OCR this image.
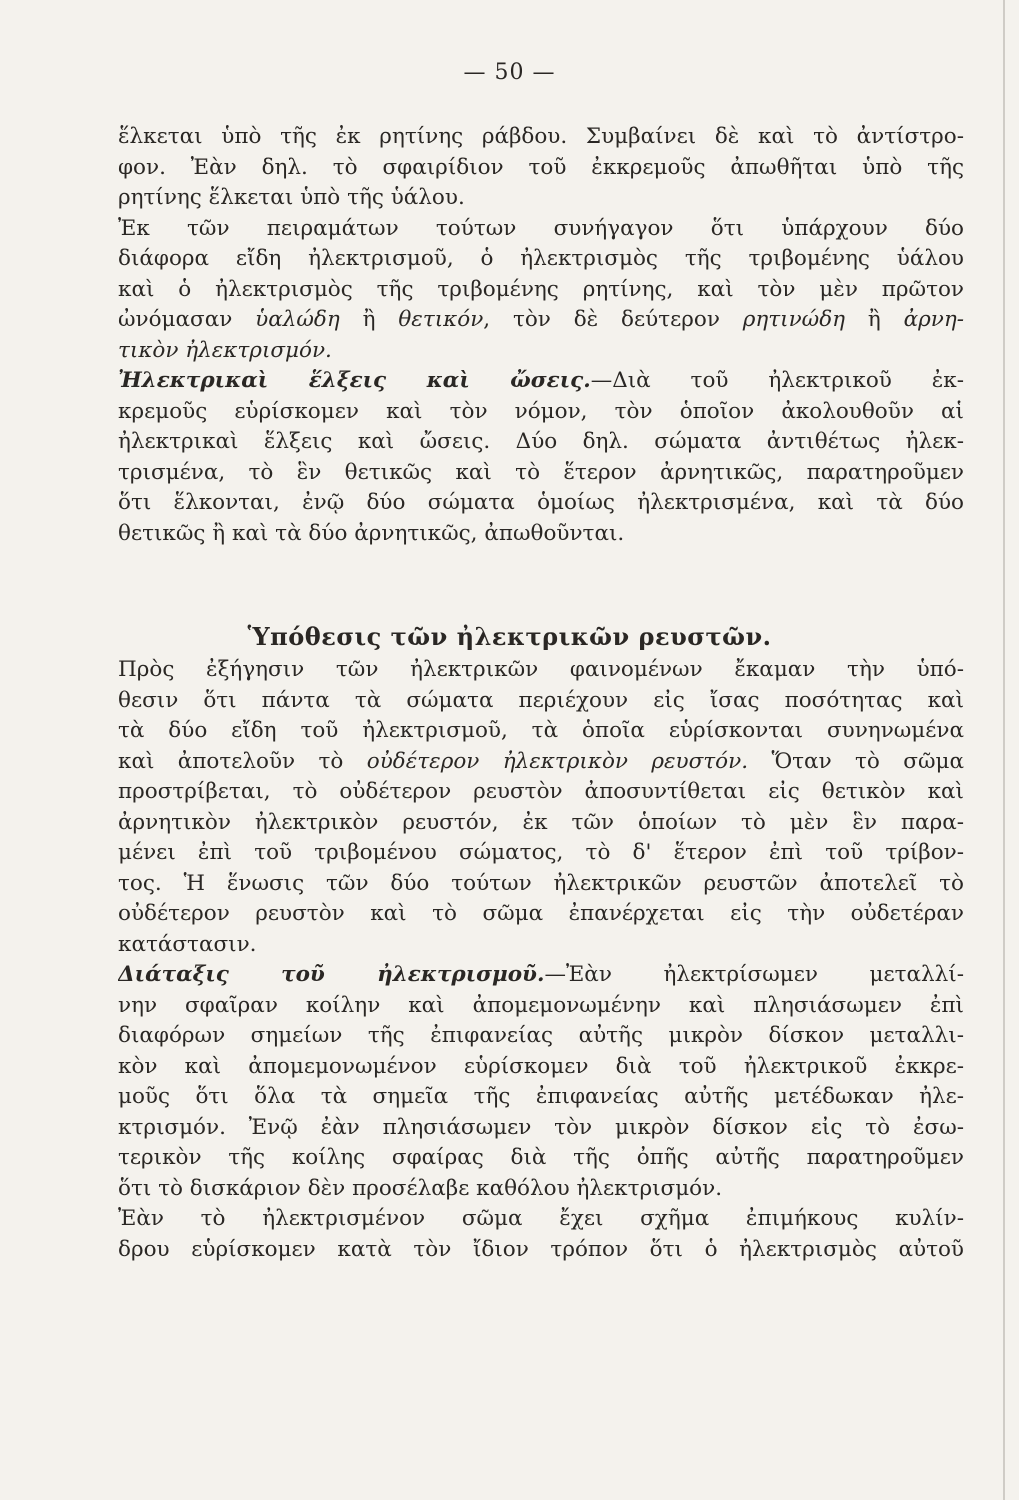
— 50 —
ἕλκεται ὑπὸ τῆς ἐκ ρητίνης ράβδου. Συμβαίνει δὲ καὶ τὸ ἀντίστρο-
φον. Ἐὰν δηλ. τὸ σφαιρίδιον τοῦ ἐκκρεμοῦς ἀπωθῆται ὑπὸ τῆς
ρητίνης ἕλκεται ὑπὸ τῆς ὑάλου.
Ἐκ τῶν πειραμάτων τούτων συνήγαγον ὅτι ὑπάρχουν δύο
διάφορα εἴδη ἠλεκτρισμοῦ, ὁ ἠλεκτρισμὸς τῆς τριβομένης ὑάλου
καὶ ὁ ἠλεκτρισμὸς τῆς τριβομένης ρητίνης, καὶ τὸν μὲν πρῶτον
ὠνόμασαν ὑαλώδη ἢ θετικόν, τὸν δὲ δεύτερον ρητινώδη ἢ ἀρνη-
τικὸν ἠλεκτρισμόν.
Ἠλεκτρικαὶ ἕλξεις καὶ ὤσεις.—Διὰ τοῦ ἠλεκτρικοῦ ἐκ-
κρεμοῦς εὑρίσκομεν καὶ τὸν νόμον, τὸν ὁποῖον ἀκολουθοῦν αἱ
ἠλεκτρικαὶ ἕλξεις καὶ ὤσεις. Δύο δηλ. σώματα ἀντιθέτως ἠλεκ-
τρισμένα, τὸ ἓν θετικῶς καὶ τὸ ἕτερον ἀρνητικῶς, παρατηροῦμεν
ὅτι ἕλκονται, ἐνῷ δύο σώματα ὁμοίως ἠλεκτρισμένα, καὶ τὰ δύο
θετικῶς ἢ καὶ τὰ δύο ἀρνητικῶς, ἀπωθοῦνται.
Ὑπόθεσις τῶν ἠλεκτρικῶν ρευστῶν.
Πρὸς ἐξήγησιν τῶν ἠλεκτρικῶν φαινομένων ἔκαμαν τὴν ὑπό-
θεσιν ὅτι πάντα τὰ σώματα περιέχουν εἰς ἴσας ποσότητας καὶ
τὰ δύο εἴδη τοῦ ἠλεκτρισμοῦ, τὰ ὁποῖα εὑρίσκονται συνηνωμένα
καὶ ἀποτελοῦν τὸ οὐδέτερον ἠλεκτρικὸν ρευστόν. Ὅταν τὸ σῶμα
προστρίβεται, τὸ οὐδέτερον ρευστὸν ἀποσυντίθεται εἰς θετικὸν καὶ
ἀρνητικὸν ἠλεκτρικὸν ρευστόν, ἐκ τῶν ὁποίων τὸ μὲν ἓν παρα-
μένει ἐπὶ τοῦ τριβομένου σώματος, τὸ δ' ἕτερον ἐπὶ τοῦ τρίβον-
τος. Ἡ ἕνωσις τῶν δύο τούτων ἠλεκτρικῶν ρευστῶν ἀποτελεῖ τὸ
οὐδέτερον ρευστὸν καὶ τὸ σῶμα ἐπανέρχεται εἰς τὴν οὐδετέραν
κατάστασιν.
Διάταξις τοῦ ἠλεκτρισμοῦ.—Ἐὰν ἠλεκτρίσωμεν μεταλλί-
νην σφαῖραν κοίλην καὶ ἀπομεμονωμένην καὶ πλησιάσωμεν ἐπὶ
διαφόρων σημείων τῆς ἐπιφανείας αὐτῆς μικρὸν δίσκον μεταλλι-
κὸν καὶ ἀπομεμονωμένον εὑρίσκομεν διὰ τοῦ ἠλεκτρικοῦ ἐκκρε-
μοῦς ὅτι ὅλα τὰ σημεῖα τῆς ἐπιφανείας αὐτῆς μετέδωκαν ἠλε-
κτρισμόν. Ἐνῷ ἐὰν πλησιάσωμεν τὸν μικρὸν δίσκον εἰς τὸ ἐσω-
τερικὸν τῆς κοίλης σφαίρας διὰ τῆς ὀπῆς αὐτῆς παρατηροῦμεν
ὅτι τὸ δισκάριον δὲν προσέλαβε καθόλου ἠλεκτρισμόν.
Ἐὰν τὸ ἠλεκτρισμένον σῶμα ἔχει σχῆμα ἐπιμήκους κυλίν-
δρου εὑρίσκομεν κατὰ τὸν ἴδιον τρόπον ὅτι ὁ ἠλεκτρισμὸς αὐτοῦ
